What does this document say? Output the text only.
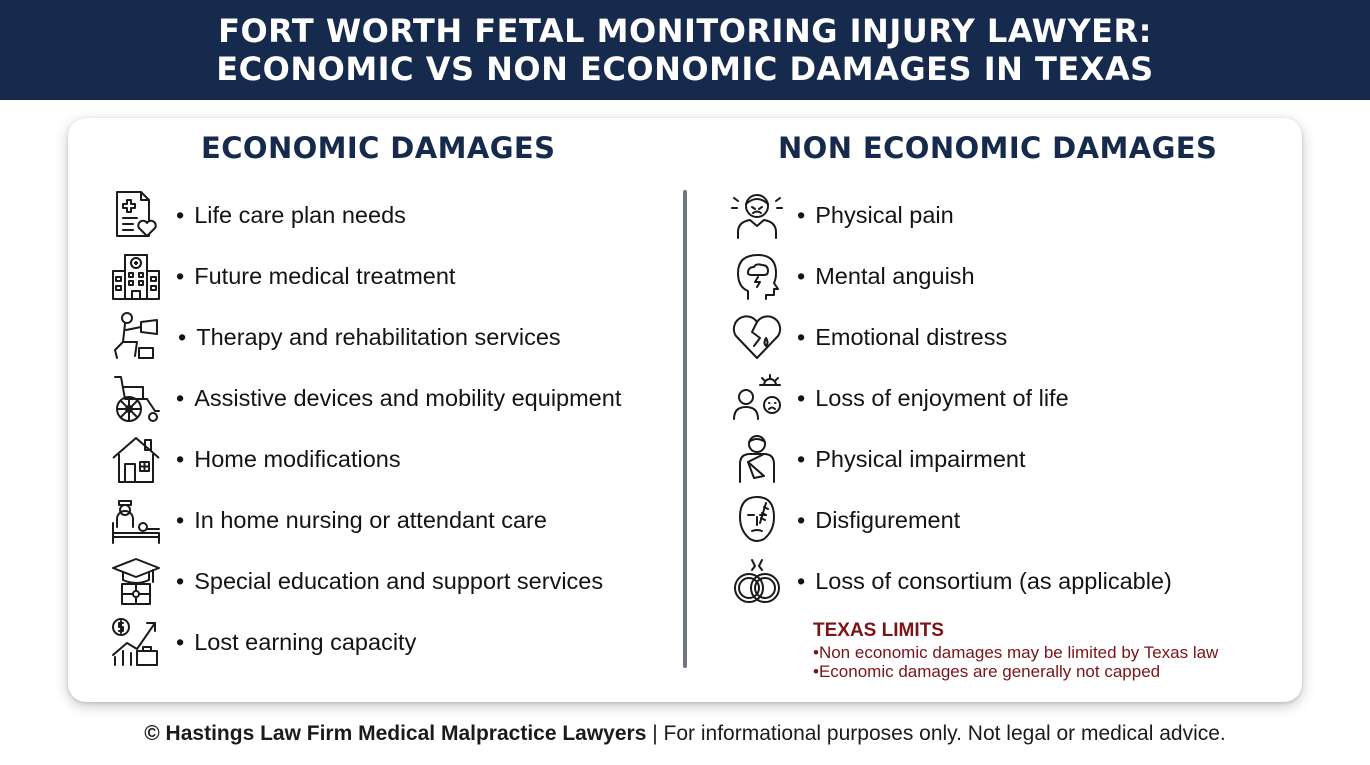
FORT WORTH FETAL MONITORING INJURY LAWYER:
ECONOMIC VS NON ECONOMIC DAMAGES IN TEXAS
ECONOMIC DAMAGES	NON ECONOMIC DAMAGES
• Life care plan needs
• Future medical treatment
• Therapy and rehabilitation services
• Assistive devices and mobility equipment
• Home modifications
• In home nursing or attendant care
• Special education and support services
• Lost earning capacity
• Physical pain
• Mental anguish
• Emotional distress
• Loss of enjoyment of life
• Physical impairment
• Disfigurement
• Loss of consortium (as applicable)
TEXAS LIMITS
• Non economic damages may be limited by Texas law
• Economic damages are generally not capped
© Hastings Law Firm Medical Malpractice Lawyers | For informational purposes only. Not legal or medical advice.
